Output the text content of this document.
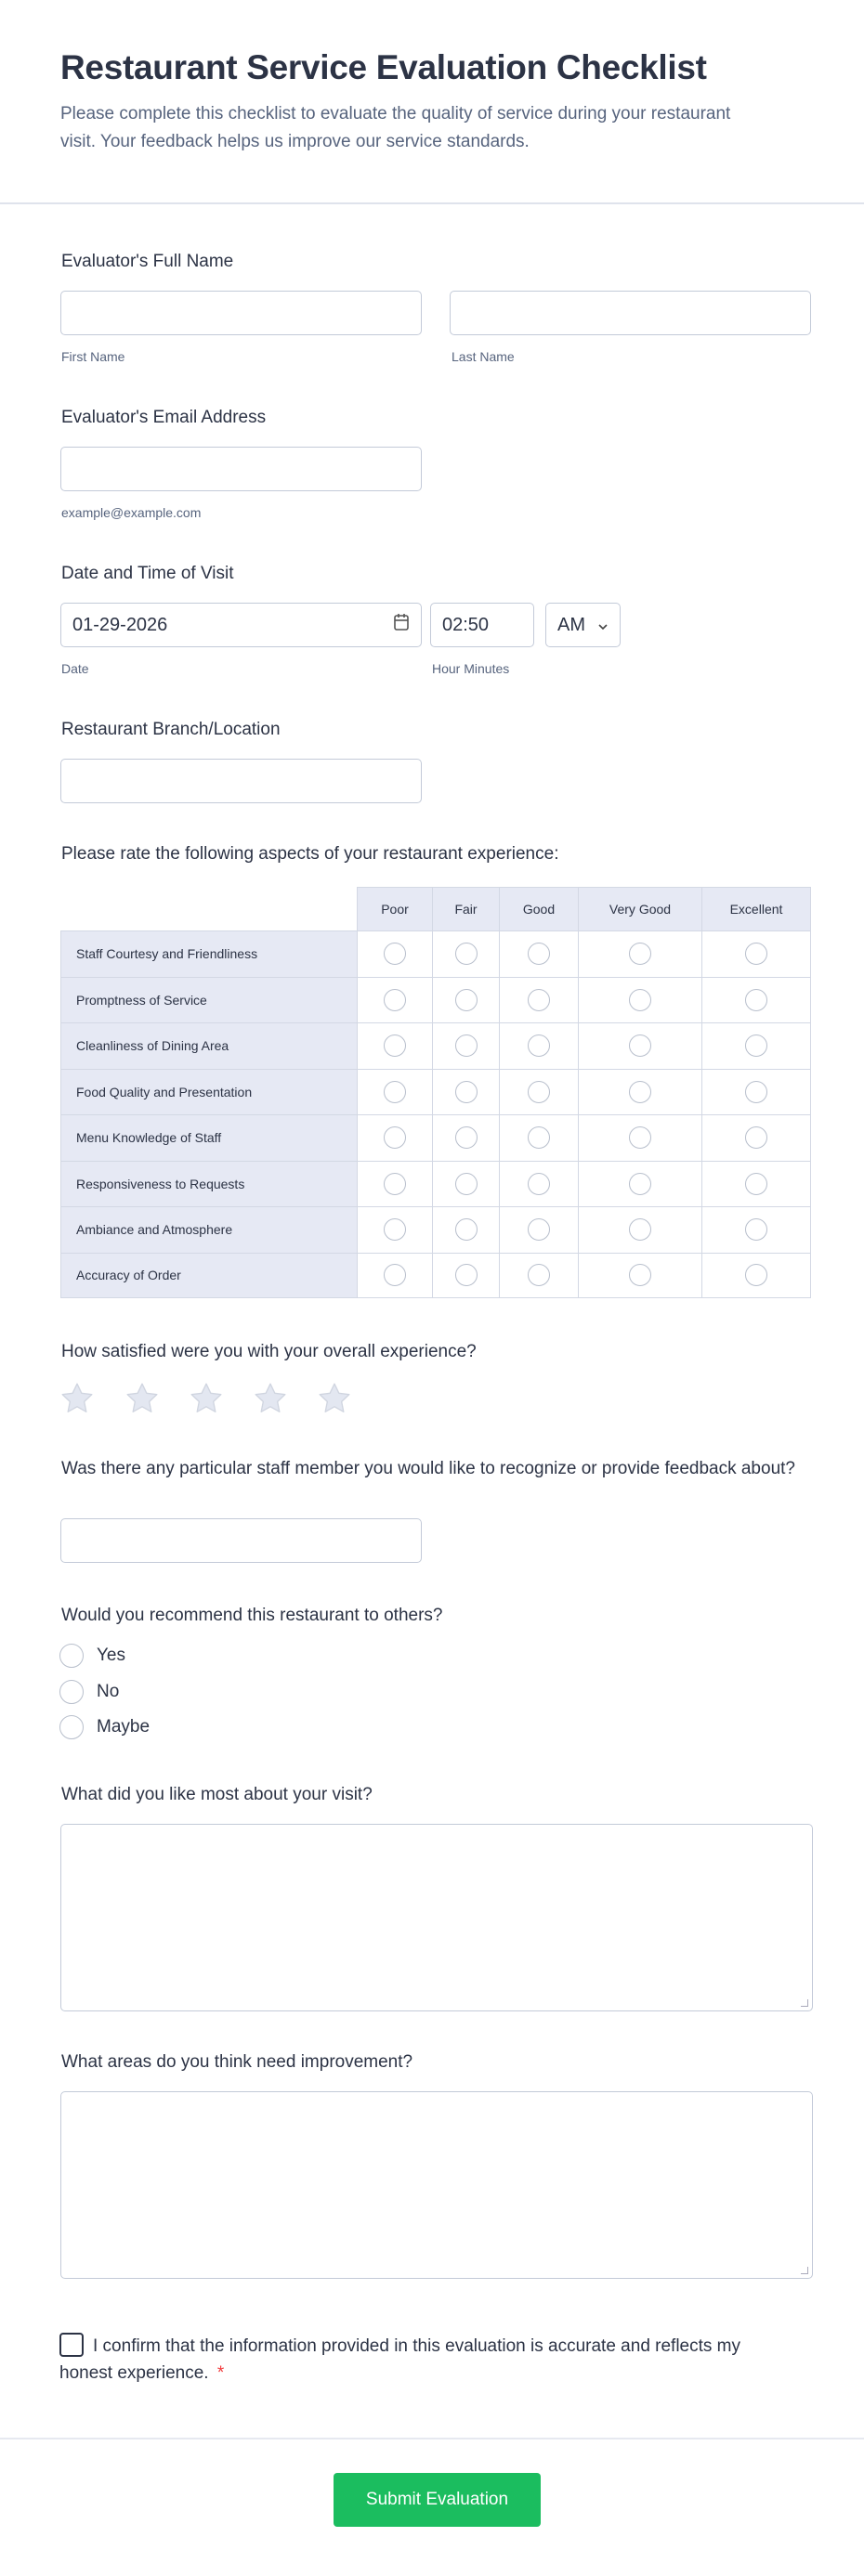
Restaurant Service Evaluation Checklist
Please complete this checklist to evaluate the quality of service during your restaurant visit. Your feedback helps us improve our service standards.
Evaluator's Full Name
First Name	Last Name
Evaluator's Email Address
example@example.com
Date and Time of Visit
01-29-2026	02:50	AM
Date	Hour Minutes
Restaurant Branch/Location
Please rate the following aspects of your restaurant experience:
	Poor	Fair	Good	Very Good	Excellent
Staff Courtesy and Friendliness					
Promptness of Service					
Cleanliness of Dining Area					
Food Quality and Presentation					
Menu Knowledge of Staff					
Responsiveness to Requests					
Ambiance and Atmosphere					
Accuracy of Order					
How satisfied were you with your overall experience?
Was there any particular staff member you would like to recognize or provide feedback about?
Would you recommend this restaurant to others?
Yes
No
Maybe
What did you like most about your visit?
What areas do you think need improvement?
I confirm that the information provided in this evaluation is accurate and reflects my honest experience. *
Submit Evaluation
